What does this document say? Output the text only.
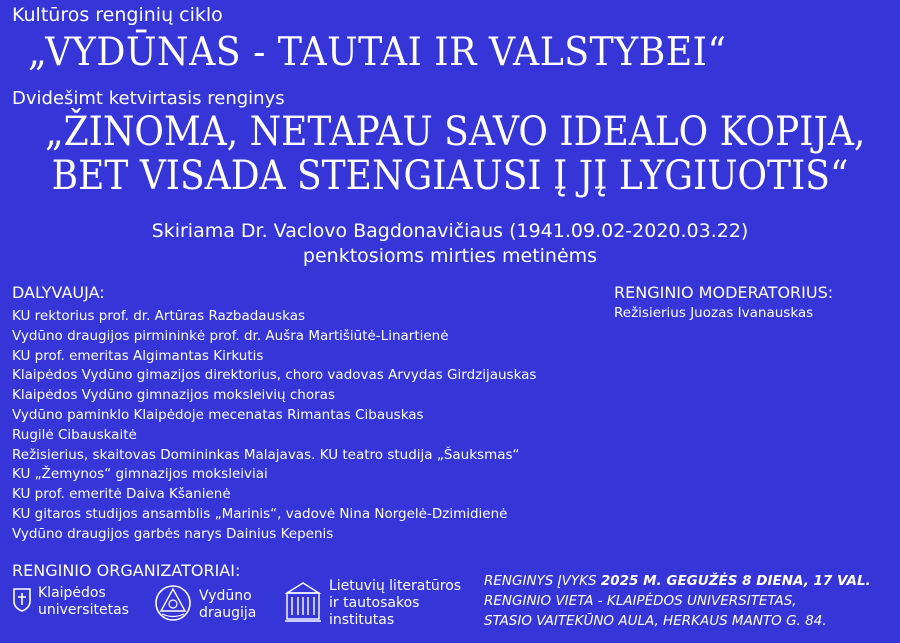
Kultūros renginių ciklo
„VYDŪNAS - TAUTAI IR VALSTYBEI“
Dvidešimt ketvirtasis renginys
„ŽINOMA, NETAPAU SAVO IDEALO KOPIJA,
BET VISADA STENGIAUSI Į JĮ LYGIUOTIS“
Skiriama Dr. Vaclovo Bagdonavičiaus (1941.09.02-2020.03.22)
penktosioms mirties metinėms
DALYVAUJA:
KU rektorius prof. dr. Artūras Razbadauskas
Vydūno draugijos pirmininkė prof. dr. Aušra Martišiūtė-Linartienė
KU prof. emeritas Algimantas Kirkutis
Klaipėdos Vydūno gimazijos direktorius, choro vadovas Arvydas Girdzijauskas
Klaipėdos Vydūno gimnazijos moksleivių choras
Vydūno paminklo Klaipėdoje mecenatas Rimantas Cibauskas
Rugilė Cibauskaitė
Režisierius, skaitovas Domininkas Malajavas. KU teatro studija „Šauksmas“
KU „Žemynos“ gimnazijos moksleiviai
KU prof. emeritė Daiva Kšanienė
KU gitaros studijos ansamblis „Marinis“, vadovė Nina Norgelė-Dzimidienė
Vydūno draugijos garbės narys Dainius Kepenis
RENGINIO MODERATORIUS:
Režisierius Juozas Ivanauskas
RENGINIO ORGANIZATORIAI:
Klaipėdos
universitetas
Vydūno
draugija
Lietuvių literatūros
ir tautosakos
institutas
RENGINYS ĮVYKS 2025 M. GEGUŽĖS 8 DIENA, 17 VAL.
RENGINIO VIETA - KLAIPĖDOS UNIVERSITETAS,
STASIO VAITEKŪNO AULA, HERKAUS MANTO G. 84.
